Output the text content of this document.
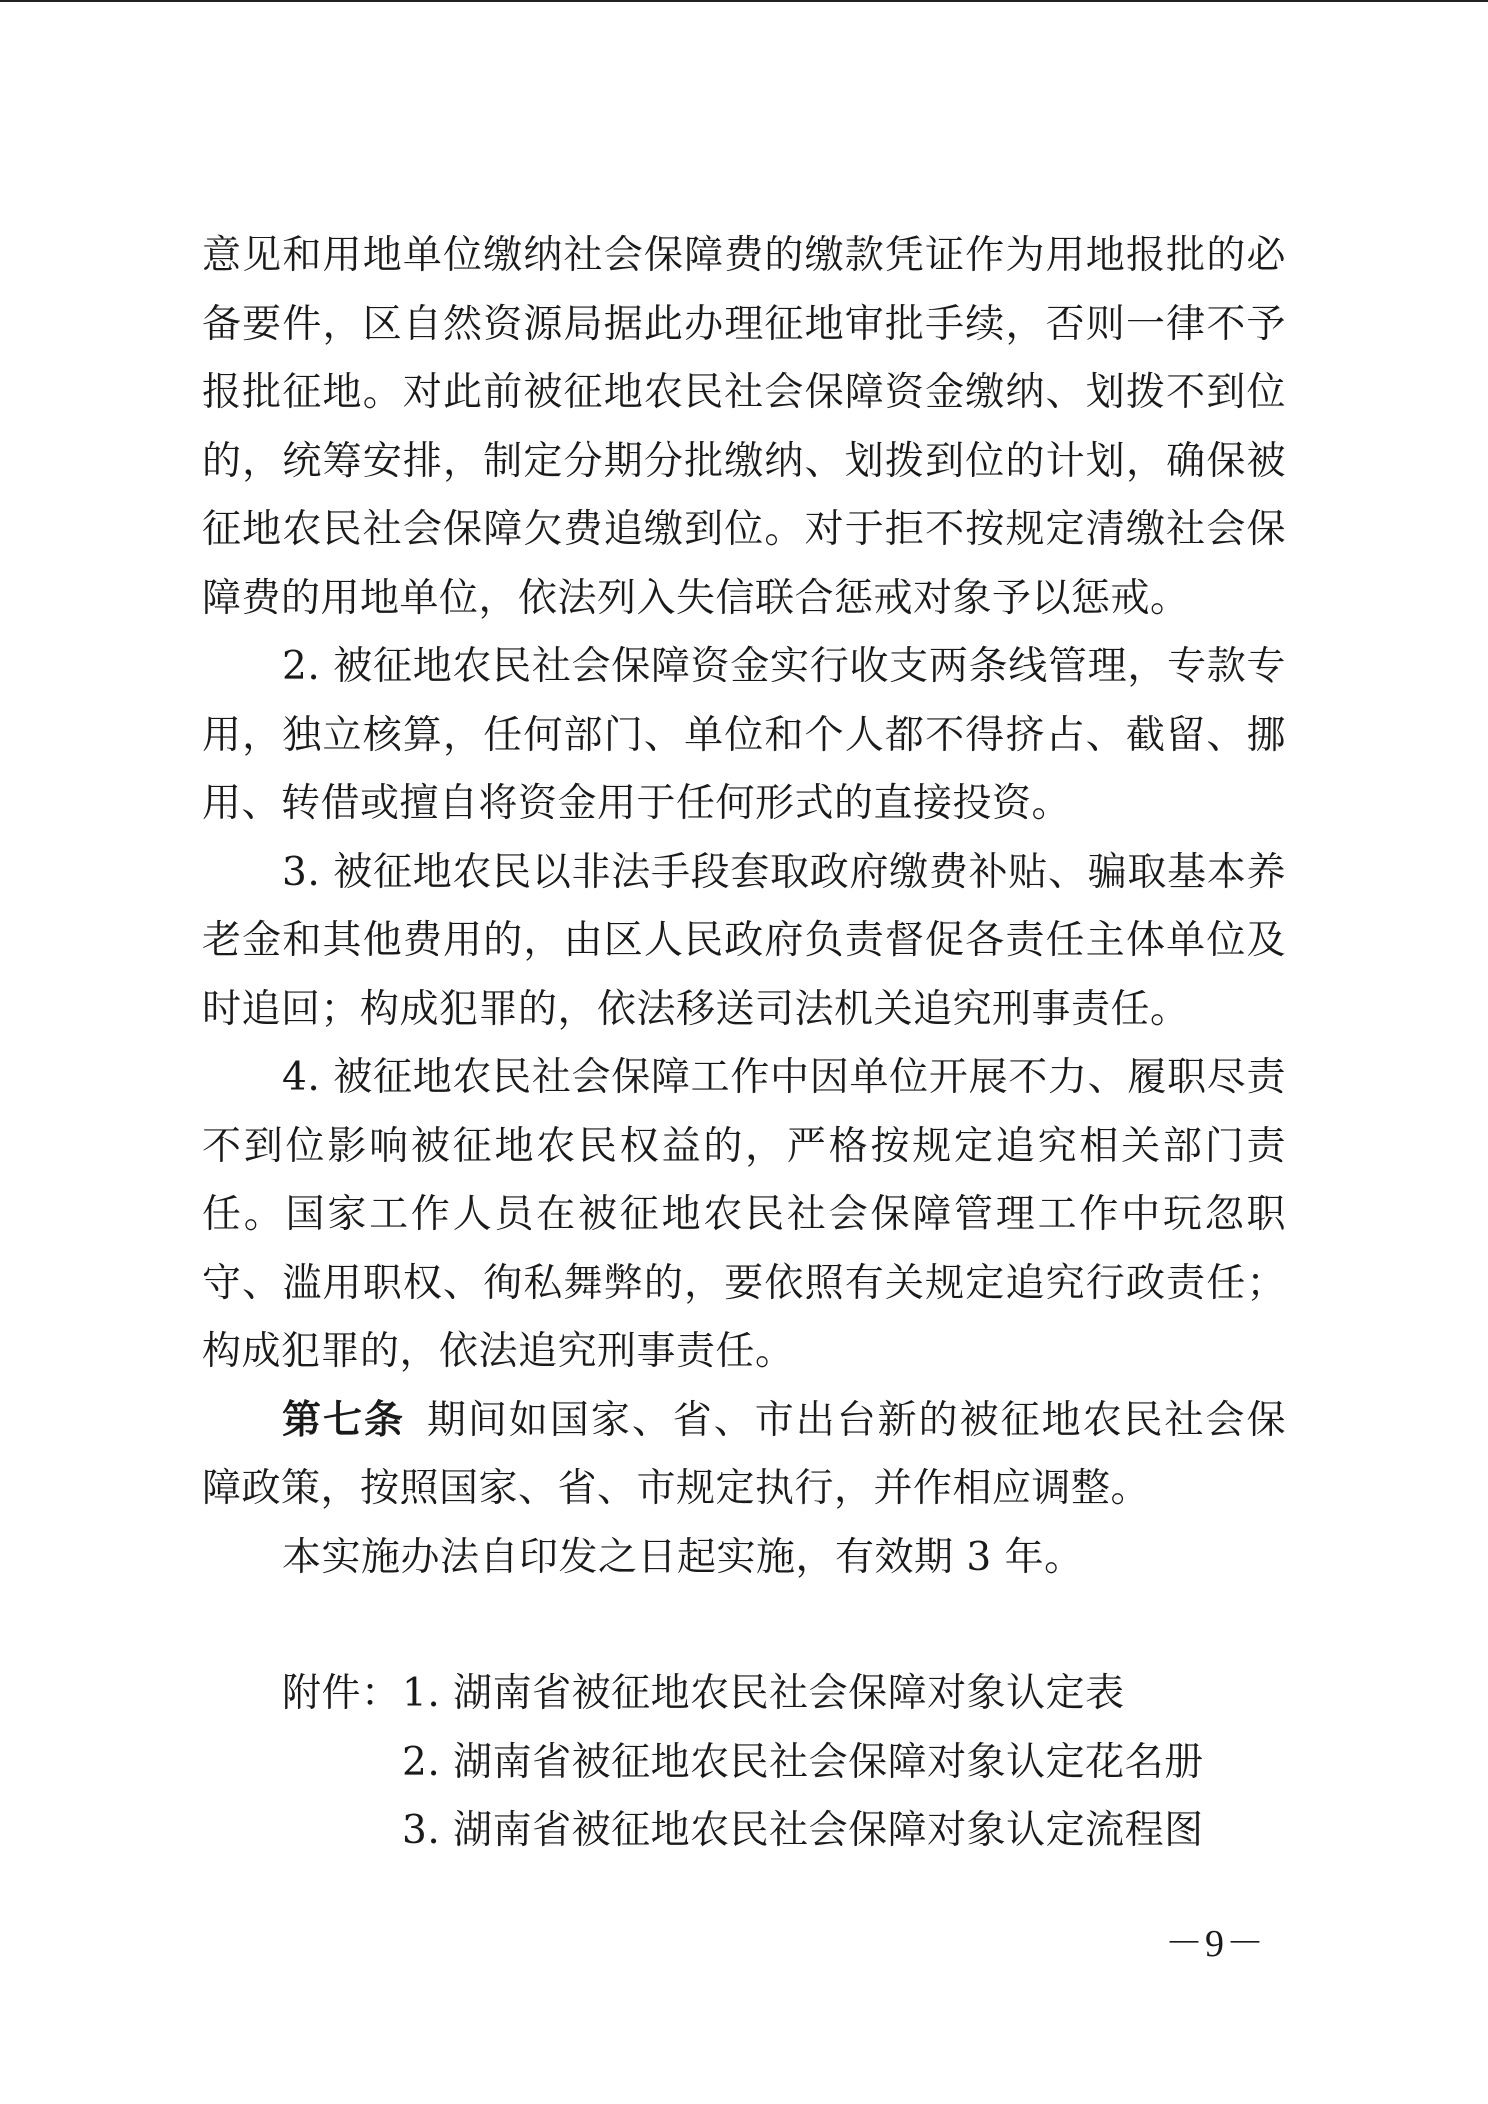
意见和用地单位缴纳社会保障费的缴款凭证作为用地报批的必备要件，区自然资源局据此办理征地审批手续，否则一律不予报批征地。对此前被征地农民社会保障资金缴纳、划拨不到位的，统筹安排，制定分期分批缴纳、划拨到位的计划，确保被征地农民社会保障欠费追缴到位。对于拒不按规定清缴社会保障费的用地单位，依法列入失信联合惩戒对象予以惩戒。

2. 被征地农民社会保障资金实行收支两条线管理，专款专用，独立核算，任何部门、单位和个人都不得挤占、截留、挪用、转借或擅自将资金用于任何形式的直接投资。

3. 被征地农民以非法手段套取政府缴费补贴、骗取基本养老金和其他费用的，由区人民政府负责督促各责任主体单位及时追回；构成犯罪的，依法移送司法机关追究刑事责任。

4. 被征地农民社会保障工作中因单位开展不力、履职尽责不到位影响被征地农民权益的，严格按规定追究相关部门责任。国家工作人员在被征地农民社会保障管理工作中玩忽职守、滥用职权、徇私舞弊的，要依照有关规定追究行政责任；构成犯罪的，依法追究刑事责任。

第七条 期间如国家、省、市出台新的被征地农民社会保障政策，按照国家、省、市规定执行，并作相应调整。

本实施办法自印发之日起实施，有效期 3 年。

附件： 1. 湖南省被征地农民社会保障对象认定表
2. 湖南省被征地农民社会保障对象认定花名册
3. 湖南省被征地农民社会保障对象认定流程图
－9－
